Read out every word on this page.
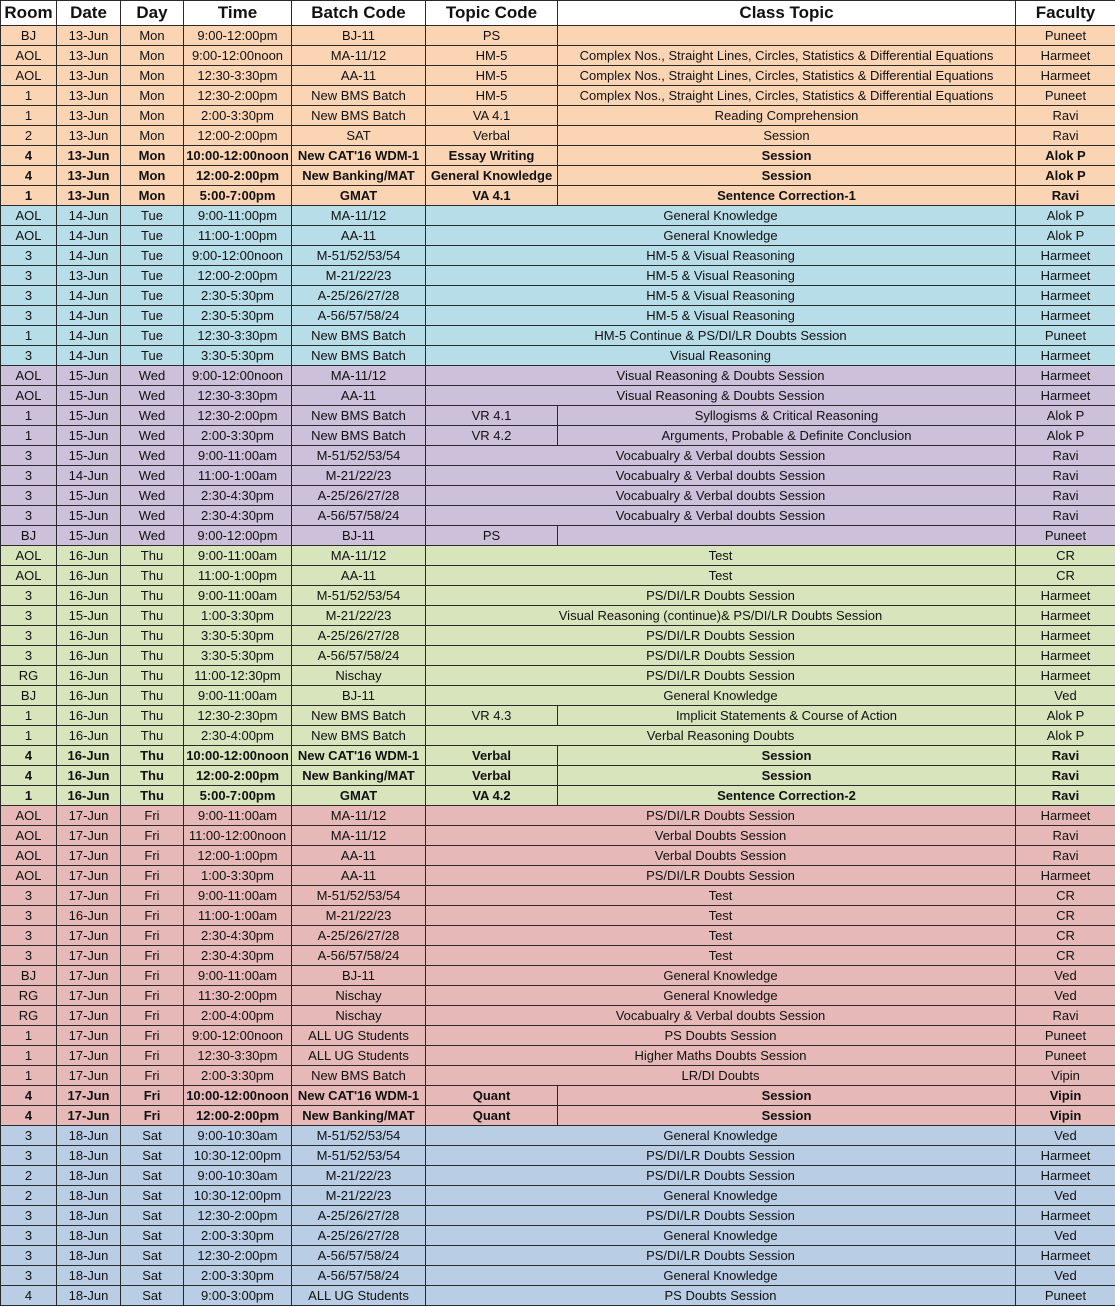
Room	Date	Day	Time	Batch Code	Topic Code	Class Topic	Faculty
BJ	13-Jun	Mon	9:00-12:00pm	BJ-11	PS		Puneet
AOL	13-Jun	Mon	9:00-12:00noon	MA-11/12	HM-5	Complex Nos., Straight Lines, Circles, Statistics & Differential Equations	Harmeet
AOL	13-Jun	Mon	12:30-3:30pm	AA-11	HM-5	Complex Nos., Straight Lines, Circles, Statistics & Differential Equations	Harmeet
1	13-Jun	Mon	12:30-2:00pm	New BMS Batch	HM-5	Complex Nos., Straight Lines, Circles, Statistics & Differential Equations	Puneet
1	13-Jun	Mon	2:00-3:30pm	New BMS Batch	VA 4.1	Reading Comprehension	Ravi
2	13-Jun	Mon	12:00-2:00pm	SAT	Verbal	Session	Ravi
4	13-Jun	Mon	10:00-12:00noon	New CAT'16 WDM-1	Essay Writing	Session	Alok P
4	13-Jun	Mon	12:00-2:00pm	New Banking/MAT	General Knowledge	Session	Alok P
1	13-Jun	Mon	5:00-7:00pm	GMAT	VA 4.1	Sentence Correction-1	Ravi
AOL	14-Jun	Tue	9:00-11:00pm	MA-11/12	General Knowledge		Alok P
AOL	14-Jun	Tue	11:00-1:00pm	AA-11	General Knowledge		Alok P
3	14-Jun	Tue	9:00-12:00noon	M-51/52/53/54	HM-5 & Visual Reasoning		Harmeet
3	13-Jun	Tue	12:00-2:00pm	M-21/22/23	HM-5 & Visual Reasoning		Harmeet
3	14-Jun	Tue	2:30-5:30pm	A-25/26/27/28	HM-5 & Visual Reasoning		Harmeet
3	14-Jun	Tue	2:30-5:30pm	A-56/57/58/24	HM-5 & Visual Reasoning		Harmeet
1	14-Jun	Tue	12:30-3:30pm	New BMS Batch	HM-5 Continue & PS/DI/LR Doubts Session		Puneet
3	14-Jun	Tue	3:30-5:30pm	New BMS Batch	Visual Reasoning		Harmeet
AOL	15-Jun	Wed	9:00-12:00noon	MA-11/12	Visual Reasoning & Doubts Session		Harmeet
AOL	15-Jun	Wed	12:30-3:30pm	AA-11	Visual Reasoning & Doubts Session		Harmeet
1	15-Jun	Wed	12:30-2:00pm	New BMS Batch	VR 4.1	Syllogisms & Critical Reasoning	Alok P
1	15-Jun	Wed	2:00-3:30pm	New BMS Batch	VR 4.2	Arguments, Probable & Definite Conclusion	Alok P
3	15-Jun	Wed	9:00-11:00am	M-51/52/53/54	Vocabualry & Verbal doubts Session		Ravi
3	14-Jun	Wed	11:00-1:00am	M-21/22/23	Vocabualry & Verbal doubts Session		Ravi
3	15-Jun	Wed	2:30-4:30pm	A-25/26/27/28	Vocabualry & Verbal doubts Session		Ravi
3	15-Jun	Wed	2:30-4:30pm	A-56/57/58/24	Vocabualry & Verbal doubts Session		Ravi
BJ	15-Jun	Wed	9:00-12:00pm	BJ-11	PS		Puneet
AOL	16-Jun	Thu	9:00-11:00am	MA-11/12	Test		CR
AOL	16-Jun	Thu	11:00-1:00pm	AA-11	Test		CR
3	16-Jun	Thu	9:00-11:00am	M-51/52/53/54	PS/DI/LR Doubts Session		Harmeet
3	15-Jun	Thu	1:00-3:30pm	M-21/22/23	Visual Reasoning (continue)& PS/DI/LR Doubts Session		Harmeet
3	16-Jun	Thu	3:30-5:30pm	A-25/26/27/28	PS/DI/LR Doubts Session		Harmeet
3	16-Jun	Thu	3:30-5:30pm	A-56/57/58/24	PS/DI/LR Doubts Session		Harmeet
RG	16-Jun	Thu	11:00-12:30pm	Nischay	PS/DI/LR Doubts Session		Harmeet
BJ	16-Jun	Thu	9:00-11:00am	BJ-11	General Knowledge		Ved
1	16-Jun	Thu	12:30-2:30pm	New BMS Batch	VR 4.3	Implicit Statements & Course of Action	Alok P
1	16-Jun	Thu	2:30-4:00pm	New BMS Batch	Verbal Reasoning Doubts		Alok P
4	16-Jun	Thu	10:00-12:00noon	New CAT'16 WDM-1	Verbal	Session	Ravi
4	16-Jun	Thu	12:00-2:00pm	New Banking/MAT	Verbal	Session	Ravi
1	16-Jun	Thu	5:00-7:00pm	GMAT	VA 4.2	Sentence Correction-2	Ravi
AOL	17-Jun	Fri	9:00-11:00am	MA-11/12	PS/DI/LR Doubts Session		Harmeet
AOL	17-Jun	Fri	11:00-12:00noon	MA-11/12	Verbal Doubts Session		Ravi
AOL	17-Jun	Fri	12:00-1:00pm	AA-11	Verbal Doubts Session		Ravi
AOL	17-Jun	Fri	1:00-3:30pm	AA-11	PS/DI/LR Doubts Session		Harmeet
3	17-Jun	Fri	9:00-11:00am	M-51/52/53/54	Test		CR
3	16-Jun	Fri	11:00-1:00am	M-21/22/23	Test		CR
3	17-Jun	Fri	2:30-4:30pm	A-25/26/27/28	Test		CR
3	17-Jun	Fri	2:30-4:30pm	A-56/57/58/24	Test		CR
BJ	17-Jun	Fri	9:00-11:00am	BJ-11	General Knowledge		Ved
RG	17-Jun	Fri	11:30-2:00pm	Nischay	General Knowledge		Ved
RG	17-Jun	Fri	2:00-4:00pm	Nischay	Vocabualry & Verbal doubts Session		Ravi
1	17-Jun	Fri	9:00-12:00noon	ALL UG Students	PS Doubts Session		Puneet
1	17-Jun	Fri	12:30-3:30pm	ALL UG Students	Higher Maths Doubts Session		Puneet
1	17-Jun	Fri	2:00-3:30pm	New BMS Batch	LR/DI Doubts		Vipin
4	17-Jun	Fri	10:00-12:00noon	New CAT'16 WDM-1	Quant	Session	Vipin
4	17-Jun	Fri	12:00-2:00pm	New Banking/MAT	Quant	Session	Vipin
3	18-Jun	Sat	9:00-10:30am	M-51/52/53/54	General Knowledge		Ved
3	18-Jun	Sat	10:30-12:00pm	M-51/52/53/54	PS/DI/LR Doubts Session		Harmeet
2	18-Jun	Sat	9:00-10:30am	M-21/22/23	PS/DI/LR Doubts Session		Harmeet
2	18-Jun	Sat	10:30-12:00pm	M-21/22/23	General Knowledge		Ved
3	18-Jun	Sat	12:30-2:00pm	A-25/26/27/28	PS/DI/LR Doubts Session		Harmeet
3	18-Jun	Sat	2:00-3:30pm	A-25/26/27/28	General Knowledge		Ved
3	18-Jun	Sat	12:30-2:00pm	A-56/57/58/24	PS/DI/LR Doubts Session		Harmeet
3	18-Jun	Sat	2:00-3:30pm	A-56/57/58/24	General Knowledge		Ved
4	18-Jun	Sat	9:00-3:00pm	ALL UG Students	PS Doubts Session		Puneet
